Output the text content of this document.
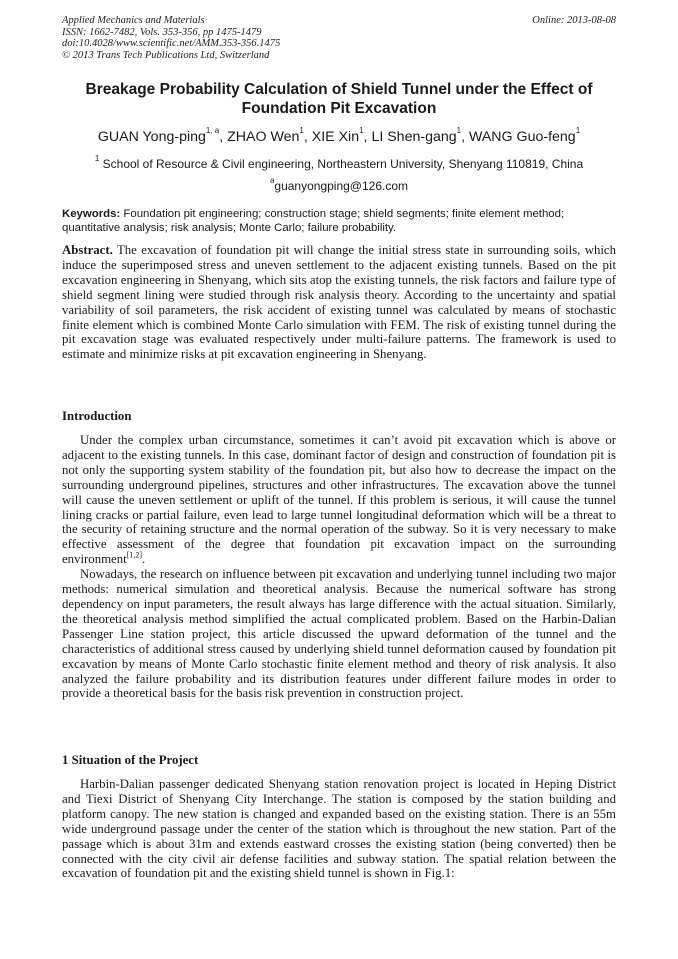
Applied Mechanics and Materials
ISSN: 1662-7482, Vols. 353-356, pp 1475-1479
doi:10.4028/www.scientific.net/AMM.353-356.1475
© 2013 Trans Tech Publications Ltd, Switzerland
Online: 2013-08-08
Breakage Probability Calculation of Shield Tunnel under the Effect of Foundation Pit Excavation
GUAN Yong-ping$^{1, a}$, ZHAO Wen$^1$, XIE Xin$^1$, LI Shen-gang$^1$, WANG Guo-feng$^1$
$^1$ School of Resource & Civil engineering, Northeastern University, Shenyang 110819, China
$^a$guanyongping@126.com
Keywords: Foundation pit engineering; construction stage; shield segments; finite element method; quantitative analysis; risk analysis; Monte Carlo; failure probability.
Abstract. The excavation of foundation pit will change the initial stress state in surrounding soils, which induce the superimposed stress and uneven settlement to the adjacent existing tunnels. Based on the pit excavation engineering in Shenyang, which sits atop the existing tunnels, the risk factors and failure type of shield segment lining were studied through risk analysis theory. According to the uncertainty and spatial variability of soil parameters, the risk accident of existing tunnel was calculated by means of stochastic finite element which is combined Monte Carlo simulation with FEM. The risk of existing tunnel during the pit excavation stage was evaluated respectively under multi-failure patterns. The framework is used to estimate and minimize risks at pit excavation engineering in Shenyang.
Introduction

Under the complex urban circumstance, sometimes it can’t avoid pit excavation which is above or adjacent to the existing tunnels. In this case, dominant factor of design and construction of foundation pit is not only the supporting system stability of the foundation pit, but also how to decrease the impact on the surrounding underground pipelines, structures and other infrastructures. The excavation above the tunnel will cause the uneven settlement or uplift of the tunnel. If this problem is serious, it will cause the tunnel lining cracks or partial failure, even lead to large tunnel longitudinal deformation which will be a threat to the security of retaining structure and the normal operation of the subway. So it is very necessary to make effective assessment of the degree that foundation pit excavation impact on the surrounding environment[1,2].

Nowadays, the research on influence between pit excavation and underlying tunnel including two major methods: numerical simulation and theoretical analysis. Because the numerical software has strong dependency on input parameters, the result always has large difference with the actual situation. Similarly, the theoretical analysis method simplified the actual complicated problem. Based on the Harbin-Dalian Passenger Line station project, this article discussed the upward deformation of the tunnel and the characteristics of additional stress caused by underlying shield tunnel deformation caused by foundation pit excavation by means of Monte Carlo stochastic finite element method and theory of risk analysis. It also analyzed the failure probability and its distribution features under different failure modes in order to provide a theoretical basis for the basis risk prevention in construction project.

1 Situation of the Project

Harbin-Dalian passenger dedicated Shenyang station renovation project is located in Heping District and Tiexi District of Shenyang City Interchange. The station is composed by the station building and platform canopy. The new station is changed and expanded based on the existing station. There is an 55m wide underground passage under the center of the station which is throughout the new station. Part of the passage which is about 31m and extends eastward crosses the existing station (being converted) then be connected with the city civil air defense facilities and subway station. The spatial relation between the excavation of foundation pit and the existing shield tunnel is shown in Fig.1:
